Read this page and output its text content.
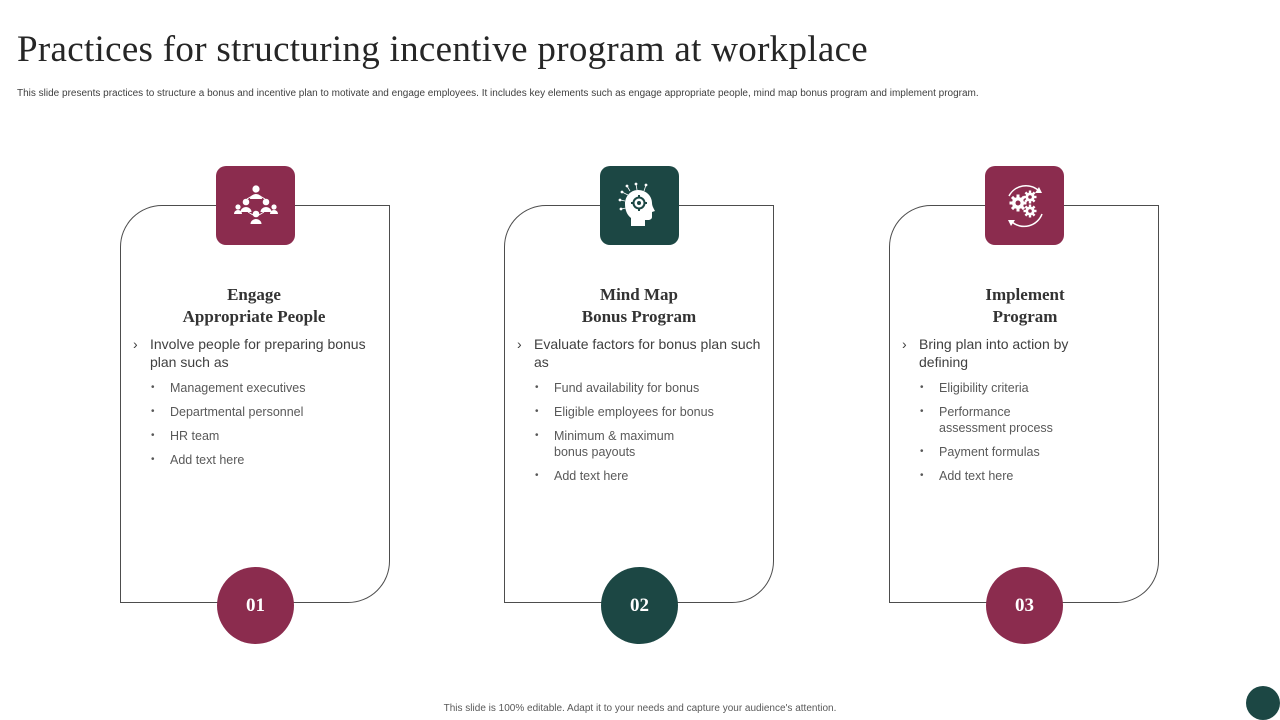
Practices for structuring incentive program at workplace
This slide presents practices to structure a bonus and incentive plan to motivate and engage employees. It includes key elements such as engage appropriate people, mind map bonus program and implement program.
Engage
Appropriate People
› Involve people for preparing bonus plan such as
• Management executives
• Departmental personnel
• HR team
• Add text here
01
Mind Map
Bonus Program
› Evaluate factors for bonus plan such as
• Fund availability for bonus
• Eligible employees for bonus
• Minimum & maximum bonus payouts
• Add text here
02
Implement
Program
› Bring plan into action by defining
• Eligibility criteria
• Performance assessment process
• Payment formulas
• Add text here
03
This slide is 100% editable. Adapt it to your needs and capture your audience's attention.
